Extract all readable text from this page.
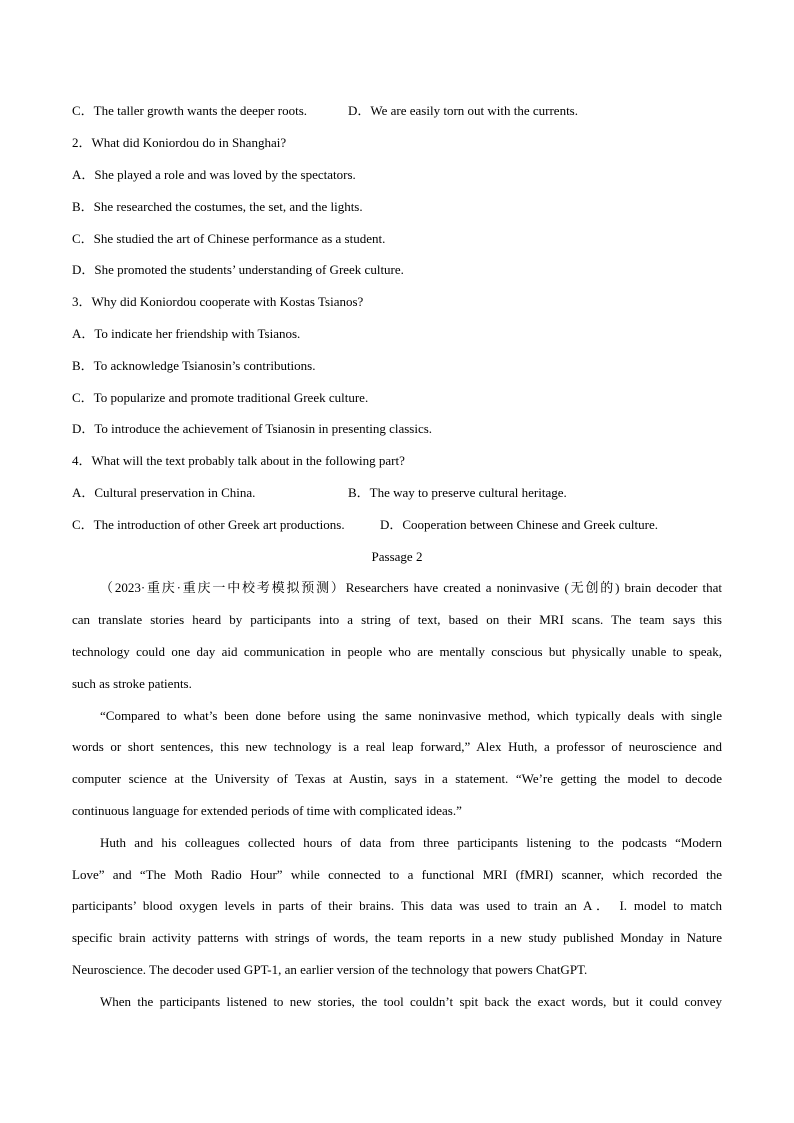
C．The taller growth wants the deeper roots.	D．We are easily torn out with the currents.
2．What did Koniordou do in Shanghai?
A．She played a role and was loved by the spectators.
B．She researched the costumes, the set, and the lights.
C．She studied the art of Chinese performance as a student.
D．She promoted the students’ understanding of Greek culture.
3．Why did Koniordou cooperate with Kostas Tsianos?
A．To indicate her friendship with Tsianos.
B．To acknowledge Tsianosin’s contributions.
C．To popularize and promote traditional Greek culture.
D．To introduce the achievement of Tsianosin in presenting classics.
4．What will the text probably talk about in the following part?
A．Cultural preservation in China.	B．The way to preserve cultural heritage.
C．The introduction of other Greek art productions.	D．Cooperation between Chinese and Greek culture.
Passage 2
（2023·重庆·重庆一中校考模拟预测）Researchers have created a noninvasive (无创的) brain decoder that
can translate stories heard by participants into a string of text, based on their MRI scans. The team says this
technology could one day aid communication in people who are mentally conscious but physically unable to speak,
such as stroke patients.
“Compared to what’s been done before using the same noninvasive method, which typically deals with single
words or short sentences, this new technology is a real leap forward,” Alex Huth, a professor of neuroscience and
computer science at the University of Texas at Austin, says in a statement. “We’re getting the model to decode
continuous language for extended periods of time with complicated ideas.”
Huth and his colleagues collected hours of data from three participants listening to the podcasts “Modern
Love” and “The Moth Radio Hour” while connected to a functional MRI (fMRI) scanner, which recorded the
participants’ blood oxygen levels in parts of their brains. This data was used to train an A． I. model to match
specific brain activity patterns with strings of words, the team reports in a new study published Monday in Nature
Neuroscience. The decoder used GPT-1, an earlier version of the technology that powers ChatGPT.
When the participants listened to new stories, the tool couldn’t spit back the exact words, but it could convey
